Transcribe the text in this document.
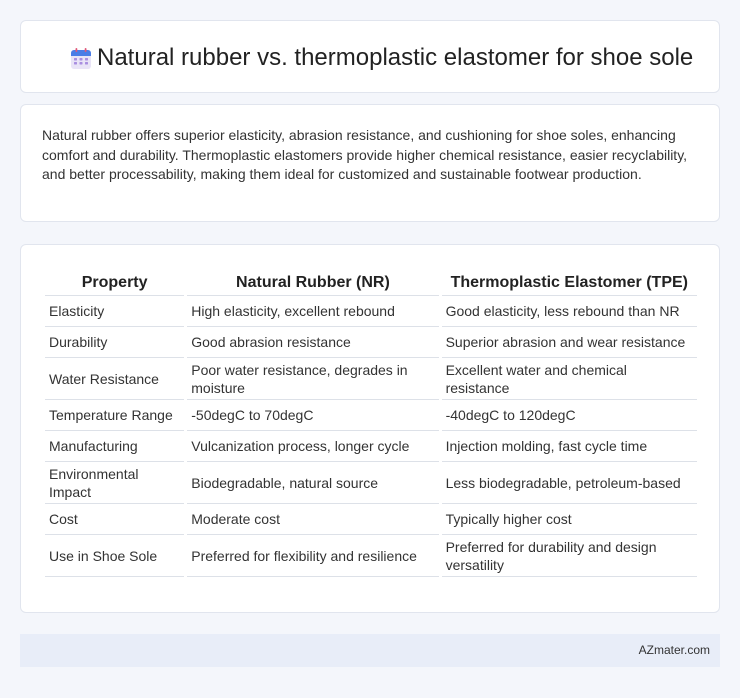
Natural rubber vs. thermoplastic elastomer for shoe sole

Natural rubber offers superior elasticity, abrasion resistance, and cushioning for shoe soles, enhancing comfort and durability. Thermoplastic elastomers provide higher chemical resistance, easier recyclability, and better processability, making them ideal for customized and sustainable footwear production.

Property	Natural Rubber (NR)	Thermoplastic Elastomer (TPE)
Elasticity	High elasticity, excellent rebound	Good elasticity, less rebound than NR
Durability	Good abrasion resistance	Superior abrasion and wear resistance
Water Resistance	Poor water resistance, degrades in moisture	Excellent water and chemical resistance
Temperature Range	-50degC to 70degC	-40degC to 120degC
Manufacturing	Vulcanization process, longer cycle	Injection molding, fast cycle time
Environmental Impact	Biodegradable, natural source	Less biodegradable, petroleum-based
Cost	Moderate cost	Typically higher cost
Use in Shoe Sole	Preferred for flexibility and resilience	Preferred for durability and design versatility
AZmater.com
